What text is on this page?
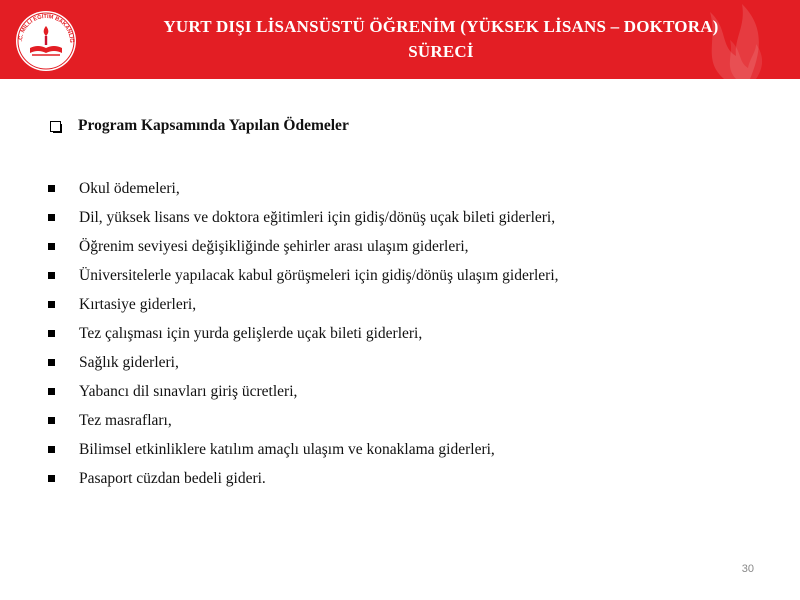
.C. MİLLİ EĞİTİM BAKANLIĞ
YURT DIŞI LİSANSÜSTÜ ÖĞRENİM (YÜKSEK LİSANS – DOKTORA)
SÜRECİ
Program Kapsamında Yapılan Ödemeler
Okul ödemeleri,
Dil, yüksek lisans ve doktora eğitimleri için gidiş/dönüş uçak bileti giderleri,
Öğrenim seviyesi değişikliğinde şehirler arası ulaşım giderleri,
Üniversitelerle yapılacak kabul görüşmeleri için gidiş/dönüş ulaşım giderleri,
Kırtasiye giderleri,
Tez çalışması için yurda gelişlerde uçak bileti giderleri,
Sağlık giderleri,
Yabancı dil sınavları giriş ücretleri,
Tez masrafları,
Bilimsel etkinliklere katılım amaçlı ulaşım ve konaklama giderleri,
Pasaport cüzdan bedeli gideri.
30
